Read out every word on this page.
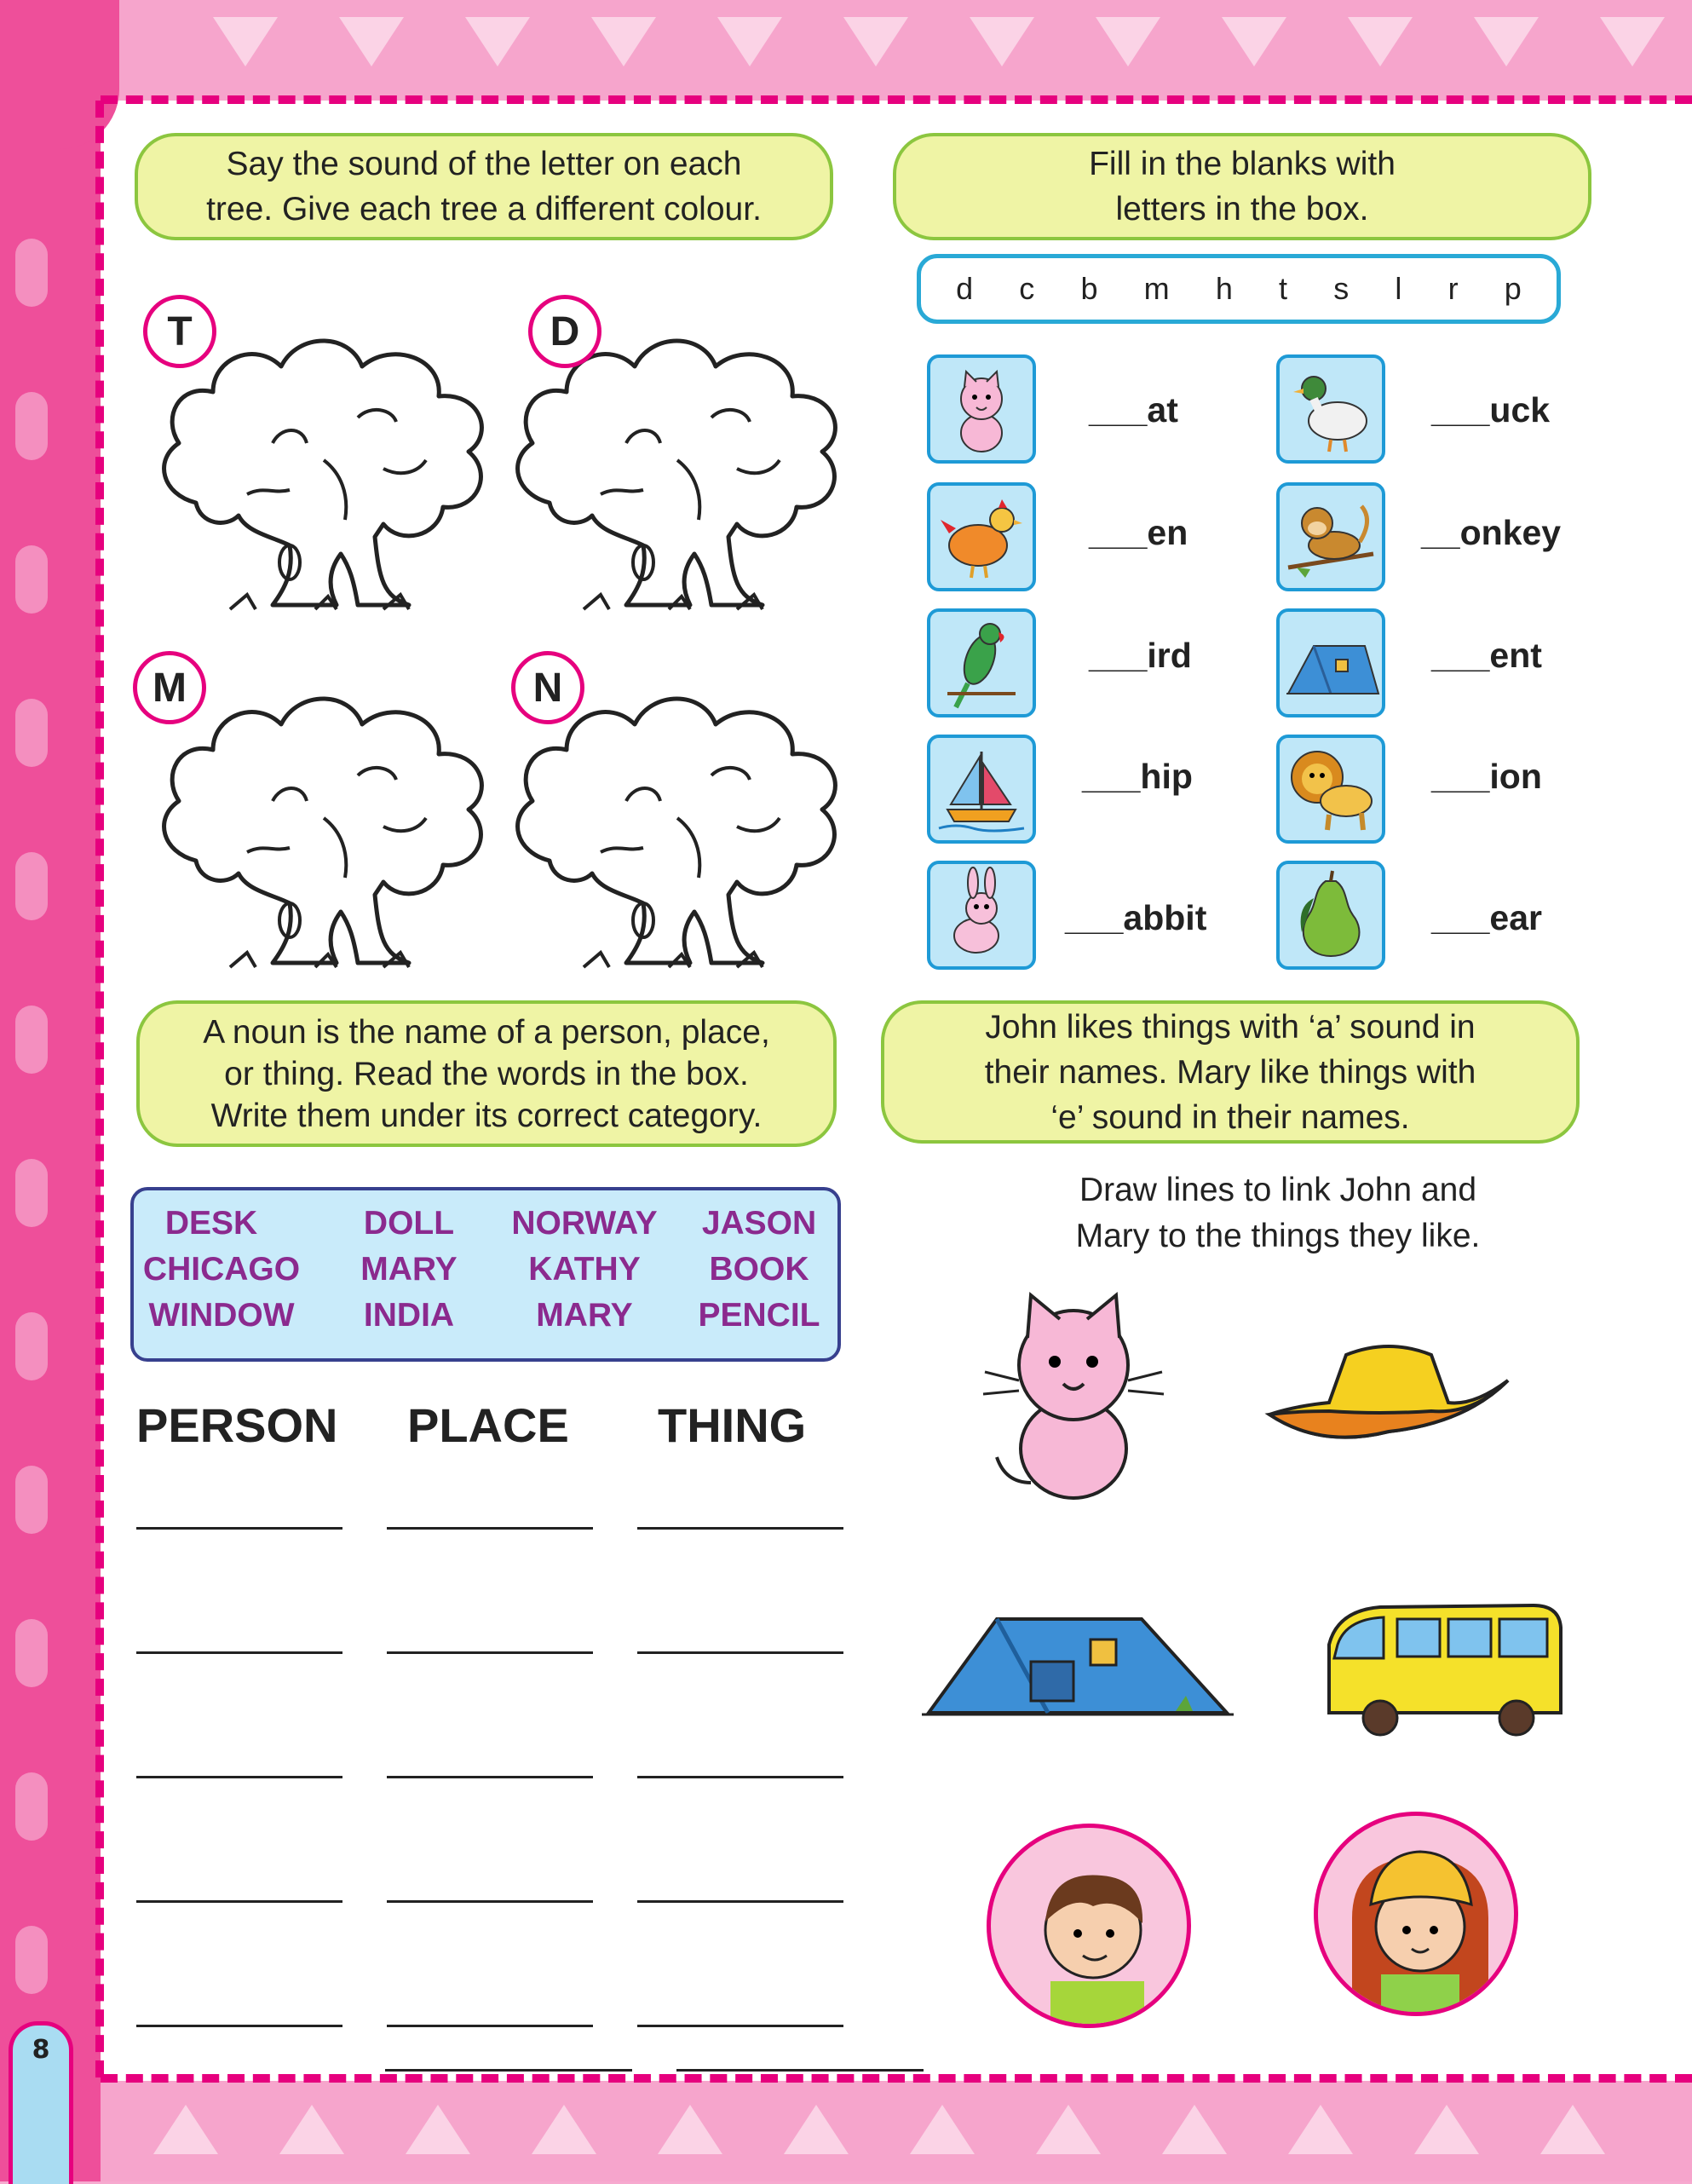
8
Say the sound of the letter on each
tree. Give each tree a different colour.
T	D
M	N
Fill in the blanks with
letters in the box.
d c b m h t s l r p
___at	___uck
___en	__onkey
___ird	___ent
___hip	___ion
___abbit	___ear
A noun is the name of a person, place,
or thing. Read the words in the box.
Write them under its correct category.
DESK	DOLL	NORWAY	JASON
CHICAGO	MARY	KATHY	BOOK
WINDOW	INDIA	MARY	PENCIL
PERSON PLACE THING
John likes things with ‘a’ sound in
their names. Mary like things with
‘e’ sound in their names.
Draw lines to link John and
Mary to the things they like.
